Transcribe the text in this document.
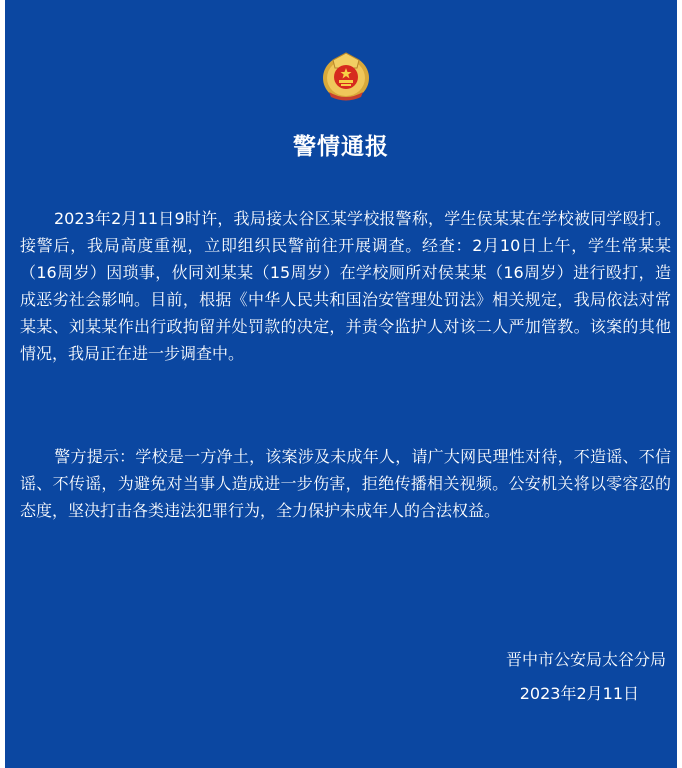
警情通报

2023年2月11日9时许，我局接太谷区某学校报警称，学生侯某某在学校被同学殴打。接警后，我局高度重视，立即组织民警前往开展调查。经查：2月10日上午，学生常某某（16周岁）因琐事，伙同刘某某（15周岁）在学校厕所对侯某某（16周岁）进行殴打，造成恶劣社会影响。目前，根据《中华人民共和国治安管理处罚法》相关规定，我局依法对常某某、刘某某作出行政拘留并处罚款的决定，并责令监护人对该二人严加管教。该案的其他情况，我局正在进一步调查中。

警方提示：学校是一方净土，该案涉及未成年人，请广大网民理性对待，不造谣、不信谣、不传谣，为避免对当事人造成进一步伤害，拒绝传播相关视频。公安机关将以零容忍的态度，坚决打击各类违法犯罪行为，全力保护未成年人的合法权益。

晋中市公安局太谷分局
2023年2月11日
